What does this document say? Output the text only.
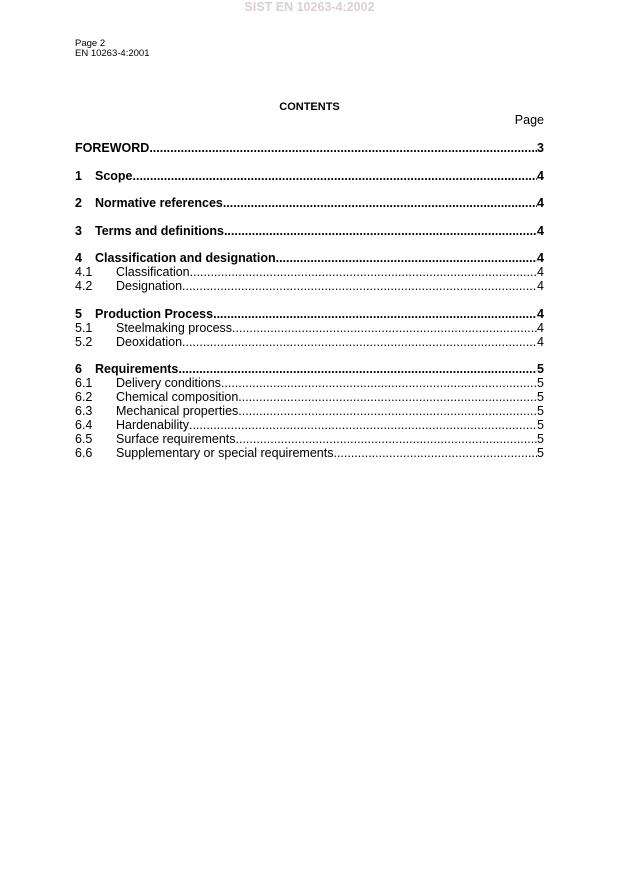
SIST EN 10263-4:2002
Page 2
EN 10263-4:2001
CONTENTS
Page
FOREWORD .....	3
1	Scope .....	4
2	Normative references .....	4
3	Terms and definitions .....	4
4	Classification and designation .....	4
4.1	Classification .....	4
4.2	Designation .....	4
5	Production Process .....	4
5.1	Steelmaking process .....	4
5.2	Deoxidation .....	4
6	Requirements .....	5
6.1	Delivery conditions .....	5
6.2	Chemical composition .....	5
6.3	Mechanical properties .....	5
6.4	Hardenability .....	5
6.5	Surface requirements .....	5
6.6	Supplementary or special requirements .....	5
